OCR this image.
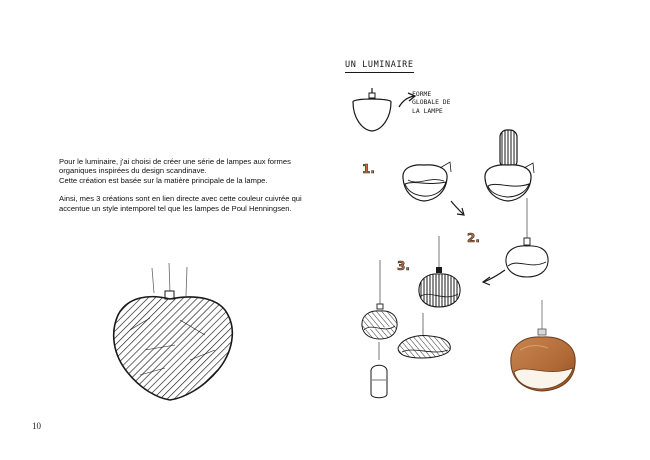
Pour le luminaire, j'ai choisi de créer une série de lampes aux formes organiques inspirées du design scandinave.
Cette création est basée sur la matière principale de la lampe.

Ainsi, mes 3 créations sont en lien directe avec cette couleur cuivrée qui accentue un style intemporel tel que les lampes de Poul Henningsen.

10
UN LUMINAIRE
FORME
GLOBALE DE
LA LAMPE
1.
2.
3.
